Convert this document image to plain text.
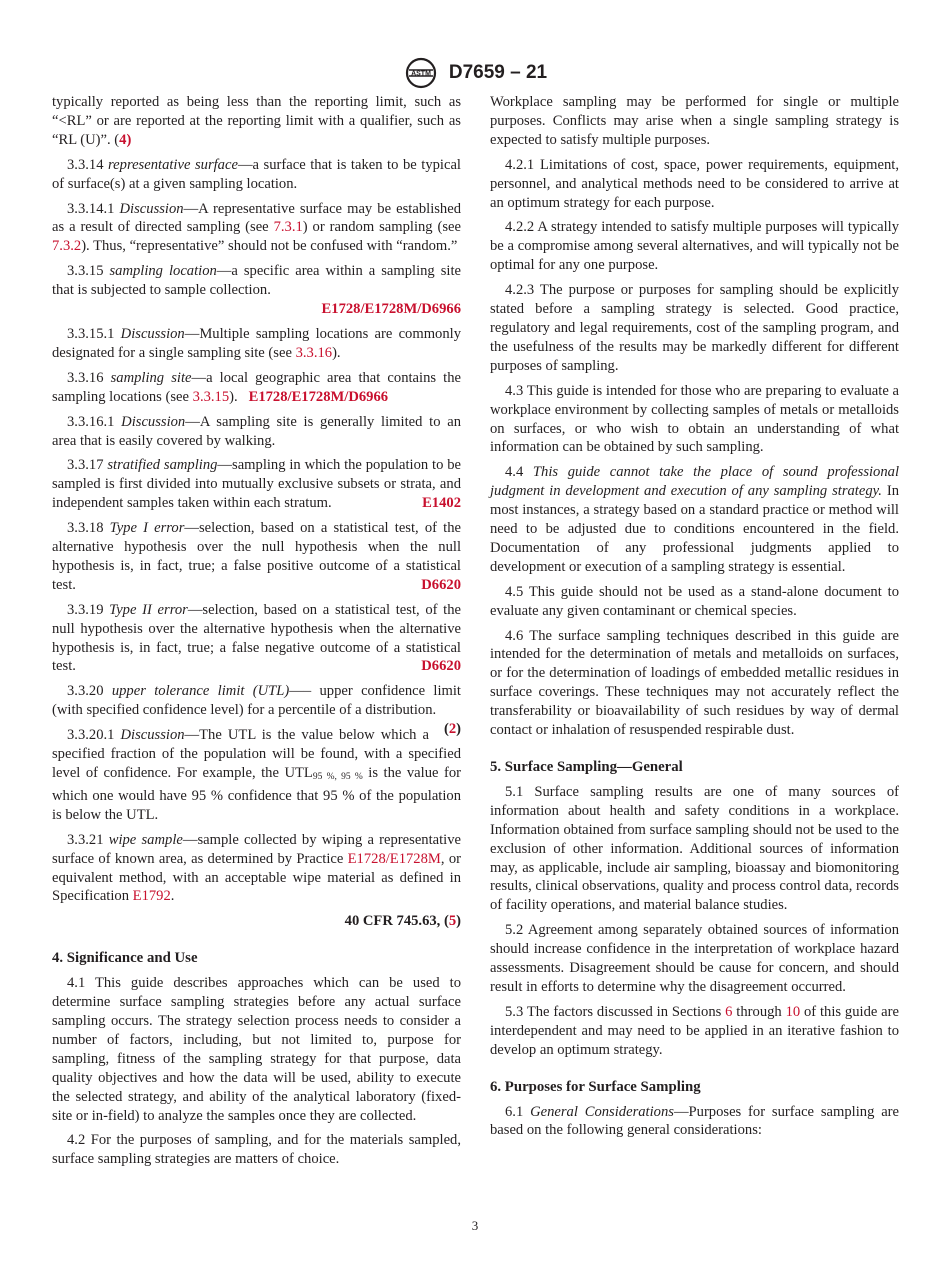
ASTM D7659 – 21

typically reported as being less than the reporting limit, such as “<RL” or are reported at the reporting limit with a qualifier, such as “RL (U)”. (4)

3.3.14 representative surface—a surface that is taken to be typical of surface(s) at a given sampling location.

3.3.14.1 Discussion—A representative surface may be established as a result of directed sampling (see 7.3.1) or random sampling (see 7.3.2). Thus, “representative” should not be confused with “random.”

3.3.15 sampling location—a specific area within a sampling site that is subjected to sample collection.

E1728/E1728M/D6966

3.3.15.1 Discussion—Multiple sampling locations are commonly designated for a single sampling site (see 3.3.16).

3.3.16 sampling site—a local geographic area that contains the sampling locations (see 3.3.15). E1728/E1728M/D6966

3.3.16.1 Discussion—A sampling site is generally limited to an area that is easily covered by walking.

3.3.17 stratified sampling—sampling in which the population to be sampled is first divided into mutually exclusive subsets or strata, and independent samples taken within each stratum.	E1402

3.3.18 Type I error—selection, based on a statistical test, of the alternative hypothesis over the null hypothesis when the null hypothesis is, in fact, true; a false positive outcome of a statistical test.	D6620

3.3.19 Type II error—selection, based on a statistical test, of the null hypothesis over the alternative hypothesis when the alternative hypothesis is, in fact, true; a false negative outcome of a statistical test.	D6620

3.3.20 upper tolerance limit (UTL)—– upper confidence limit (with specified confidence level) for a percentile of a distribution.
(2)

3.3.20.1 Discussion—The UTL is the value below which a specified fraction of the population will be found, with a specified level of confidence. For example, the $UTL_{95 \%, 95 \%}$ is the value for which one would have 95 % confidence that 95 % of the population is below the UTL.

3.3.21 wipe sample—sample collected by wiping a representative surface of known area, as determined by Practice E1728/E1728M, or equivalent method, with an acceptable wipe material as defined in Specification E1792.

40 CFR 745.63, (5)

4. Significance and Use

4.1 This guide describes approaches which can be used to determine surface sampling strategies before any actual surface sampling occurs. The strategy selection process needs to consider a number of factors, including, but not limited to, purpose for sampling, fitness of the sampling strategy for that purpose, data quality objectives and how the data will be used, ability to execute the selected strategy, and ability of the analytical laboratory (fixed-site or in-field) to analyze the samples once they are collected.

4.2 For the purposes of sampling, and for the materials sampled, surface sampling strategies are matters of choice.

Workplace sampling may be performed for single or multiple purposes. Conflicts may arise when a single sampling strategy is expected to satisfy multiple purposes.

4.2.1 Limitations of cost, space, power requirements, equipment, personnel, and analytical methods need to be considered to arrive at an optimum strategy for each purpose.

4.2.2 A strategy intended to satisfy multiple purposes will typically be a compromise among several alternatives, and will typically not be optimal for any one purpose.

4.2.3 The purpose or purposes for sampling should be explicitly stated before a sampling strategy is selected. Good practice, regulatory and legal requirements, cost of the sampling program, and the usefulness of the results may be markedly different for different purposes of sampling.

4.3 This guide is intended for those who are preparing to evaluate a workplace environment by collecting samples of metals or metalloids on surfaces, or who wish to obtain an understanding of what information can be obtained by such sampling.

4.4 This guide cannot take the place of sound professional judgment in development and execution of any sampling strategy. In most instances, a strategy based on a standard practice or method will need to be adjusted due to conditions encountered in the field. Documentation of any professional judgments applied to development or execution of a sampling strategy is essential.

4.5 This guide should not be used as a stand-alone document to evaluate any given contaminant or chemical species.

4.6 The surface sampling techniques described in this guide are intended for the determination of metals and metalloids on surfaces, or for the determination of loadings of embedded metallic residues in surface coverings. These techniques may not accurately reflect the transferability or bioavailability of such residues by way of dermal contact or inhalation of resuspended respirable dust.

5. Surface Sampling—General

5.1 Surface sampling results are one of many sources of information about health and safety conditions in a workplace. Information obtained from surface sampling should not be used to the exclusion of other information. Additional sources of information may, as applicable, include air sampling, bioassay and biomonitoring results, clinical observations, quality and process control data, records of facility operations, and material balance studies.

5.2 Agreement among separately obtained sources of information should increase confidence in the interpretation of workplace hazard assessments. Disagreement should be cause for concern, and should result in efforts to determine why the disagreement occurred.

5.3 The factors discussed in Sections 6 through 10 of this guide are interdependent and may need to be applied in an iterative fashion to develop an optimum strategy.

6. Purposes for Surface Sampling

6.1 General Considerations—Purposes for surface sampling are based on the following general considerations:

3
